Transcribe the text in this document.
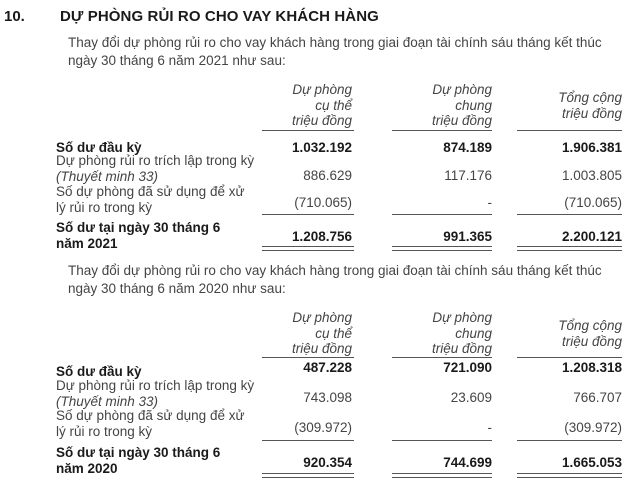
10. DỰ PHÒNG RỦI RO CHO VAY KHÁCH HÀNG
Thay đổi dự phòng rủi ro cho vay khách hàng trong giai đoạn tài chính sáu tháng kết thúc
ngày 30 tháng 6 năm 2021 như sau:
Dự phòng
cụ thể
triệu đồng
Dự phòng
chung
triệu đồng
Tổng cộng
triệu đồng
Số dư đầu kỳ	1.032.192	874.189	1.906.381
Dự phòng rủi ro trích lập trong kỳ
(Thuyết minh 33)	886.629	117.176	1.003.805
Số dự phòng đã sử dụng để xử
lý rủi ro trong kỳ	(710.065)	-	(710.065)
Số dư tại ngày 30 tháng 6
năm 2021	1.208.756	991.365	2.200.121
Thay đổi dự phòng rủi ro cho vay khách hàng trong giai đoạn tài chính sáu tháng kết thúc
ngày 30 tháng 6 năm 2020 như sau:
Dự phòng
cụ thể
triệu đồng
Dự phòng
chung
triệu đồng
Tổng cộng
triệu đồng
Số dư đầu kỳ	487.228	721.090	1.208.318
Dự phòng rủi ro trích lập trong kỳ
(Thuyết minh 33)	743.098	23.609	766.707
Số dự phòng đã sử dụng để xử
lý rủi ro trong kỳ	(309.972)	-	(309.972)
Số dư tại ngày 30 tháng 6
năm 2020	920.354	744.699	1.665.053
